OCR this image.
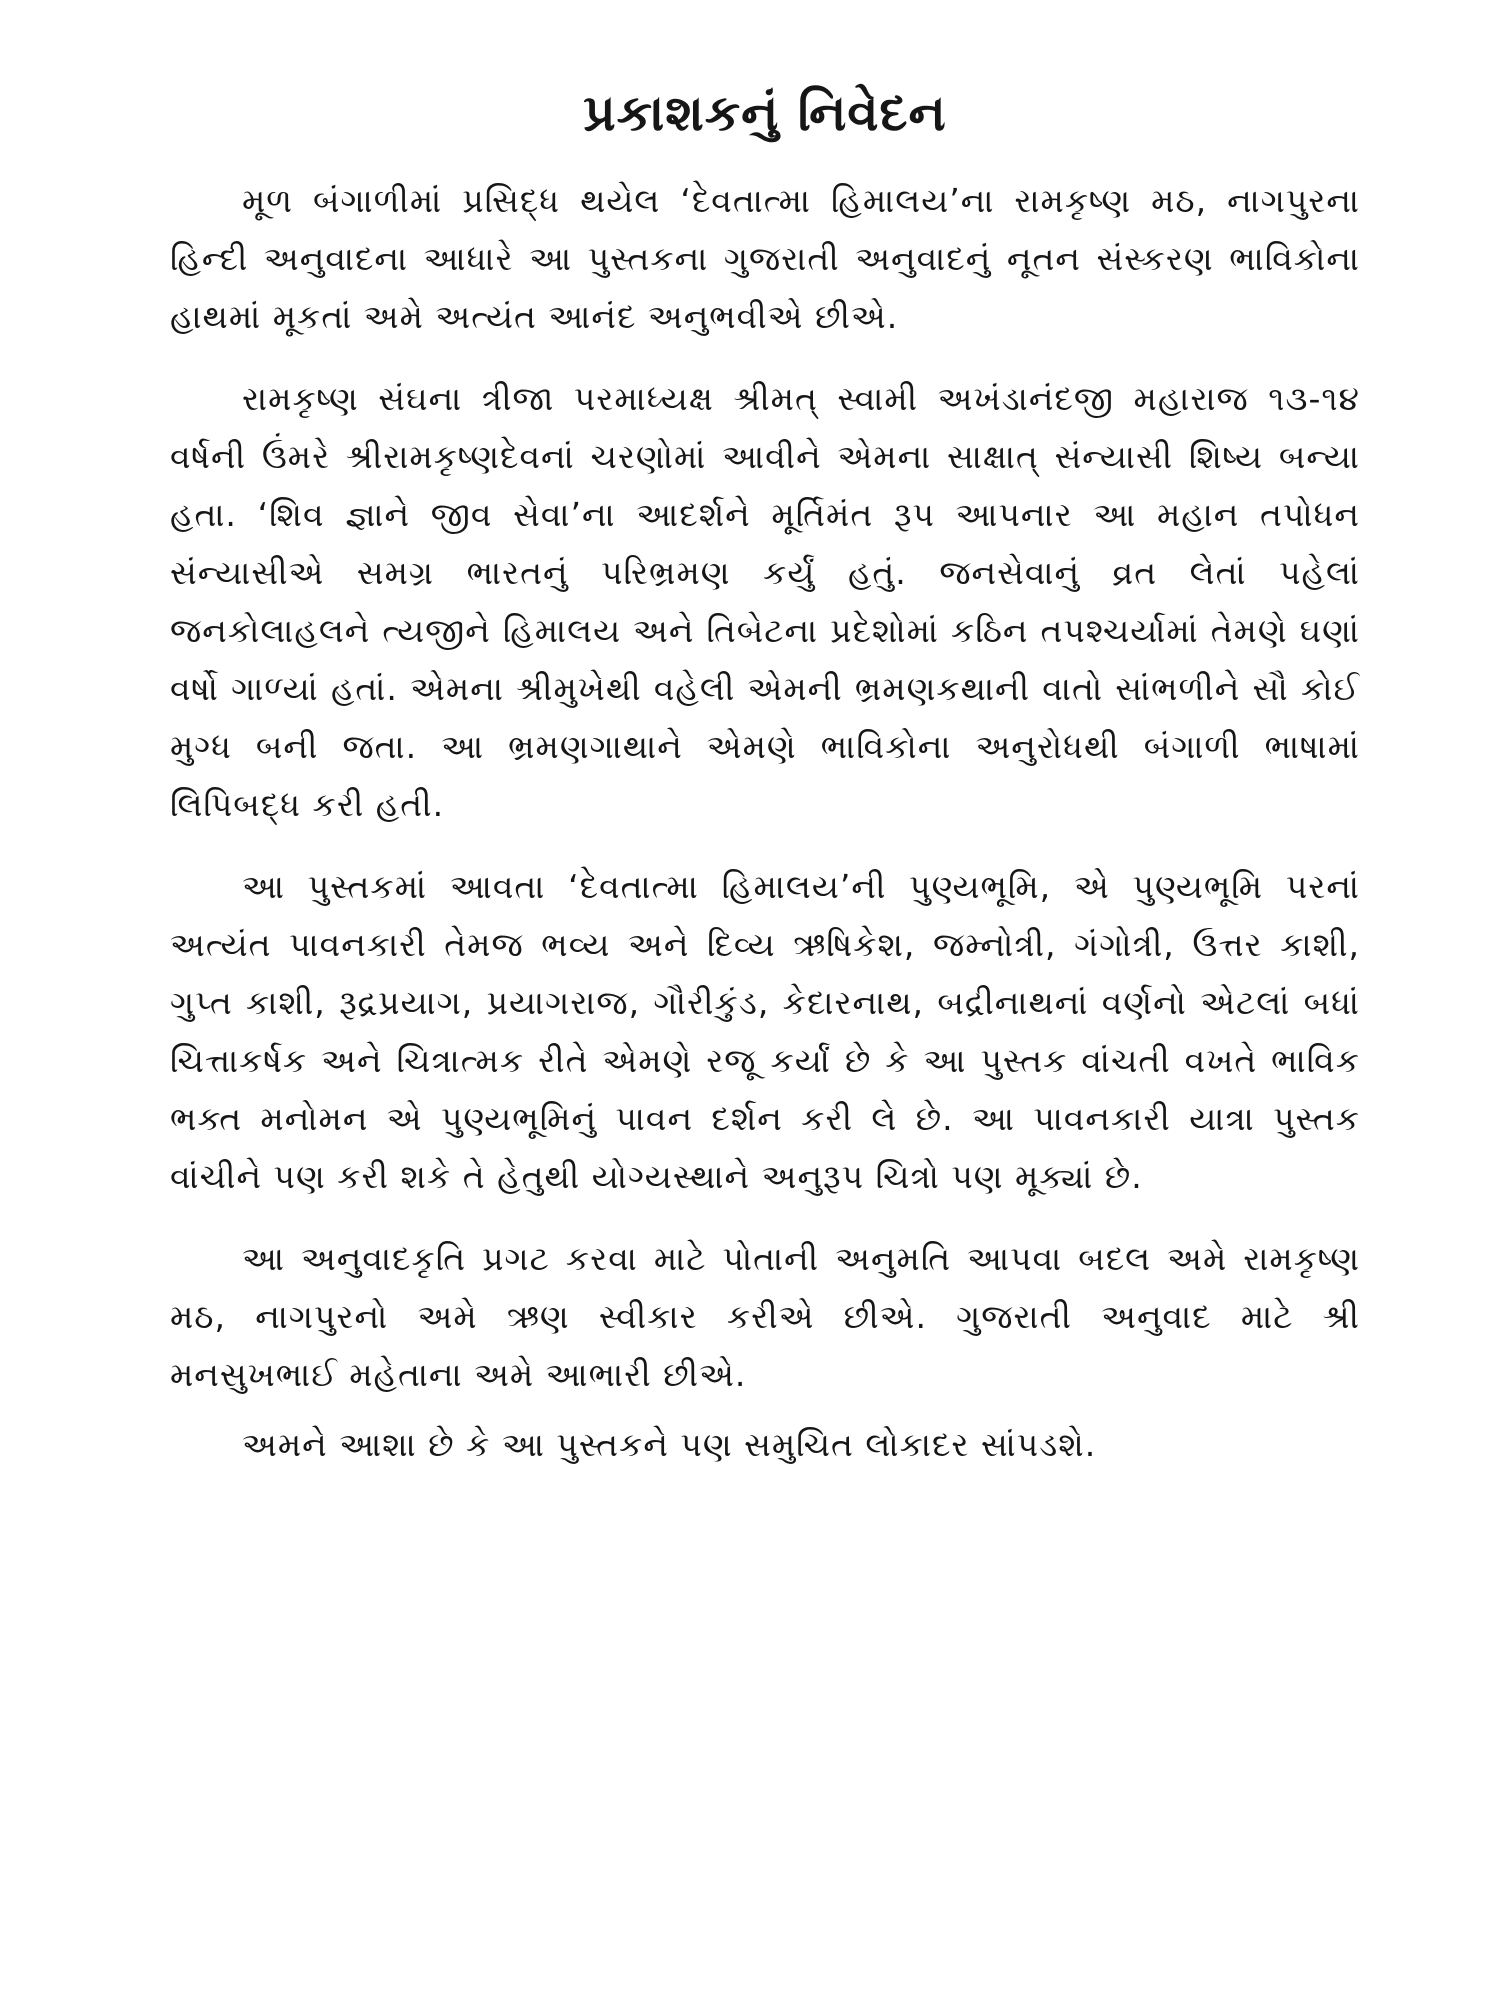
પ્રકાશકનું નિવેદન

મૂળ બંગાળીમાં પ્રસિદ્ધ થયેલ ‘દેવતાત્મા હિમાલય’ના રામકૃષ્ણ મઠ, નાગપુરના હિન્દી અનુવાદના આધારે આ પુસ્તકના ગુજરાતી અનુવાદનું નૂતન સંસ્કરણ ભાવિકોના હાથમાં મૂકતાં અમે અત્યંત આનંદ અનુભવીએ છીએ.

રામકૃષ્ણ સંઘના ત્રીજા પરમાધ્યક્ષ શ્રીમત્ સ્વામી અખંડાનંદજી મહારાજ ૧૩-૧૪ વર્ષની ઉંમરે શ્રીરામકૃષ્ણદેવનાં ચરણોમાં આવીને એમના સાક્ષાત્ સંન્યાસી શિષ્ય બન્યા હતા. ‘શિવ જ્ઞાને જીવ સેવા’ના આદર્શને મૂર્તિમંત રૂપ આપનાર આ મહાન તપોધન સંન્યાસીએ સમગ્ર ભારતનું પરિભ્રમણ કર્યું હતું. જનસેવાનું વ્રત લેતાં પહેલાં જનકોલાહલને ત્યજીને હિમાલય અને તિબેટના પ્રદેશોમાં કઠિન તપશ્ચર્યામાં તેમણે ઘણાં વર્ષો ગાળ્યાં હતાં. એમના શ્રીમુખેથી વહેલી એમની ભ્રમણકથાની વાતો સાંભળીને સૌ કોઈ મુગ્ધ બની જતા. આ ભ્રમણગાથાને એમણે ભાવિકોના અનુરોધથી બંગાળી ભાષામાં લિપિબદ્ધ કરી હતી.

આ પુસ્તકમાં આવતા ‘દેવતાત્મા હિમાલય’ની પુણ્યભૂમિ, એ પુણ્યભૂમિ પરનાં અત્યંત પાવનકારી તેમજ ભવ્ય અને દિવ્ય ઋષિકેશ, જમ્નોત્રી, ગંગોત્રી, ઉત્તર કાશી, ગુપ્ત કાશી, રૂદ્રપ્રયાગ, પ્રયાગરાજ, ગૌરીકુંડ, કેદારનાથ, બદ્રીનાથનાં વર્ણનો એટલાં બધાં ચિત્તાકર્ષક અને ચિત્રાત્મક રીતે એમણે રજૂ કર્યાં છે કે આ પુસ્તક વાંચતી વખતે ભાવિક ભક્ત મનોમન એ પુણ્યભૂમિનું પાવન દર્શન કરી લે છે. આ પાવનકારી યાત્રા પુસ્તક વાંચીને પણ કરી શકે તે હેતુથી યોગ્યસ્થાને અનુરૂપ ચિત્રો પણ મૂક્યાં છે.

આ અનુવાદકૃતિ પ્રગટ કરવા માટે પોતાની અનુમતિ આપવા બદલ અમે રામકૃષ્ણ મઠ, નાગપુરનો અમે ઋણ સ્વીકાર કરીએ છીએ. ગુજરાતી અનુવાદ માટે શ્રી મનસુખભાઈ મહેતાના અમે આભારી છીએ.

અમને આશા છે કે આ પુસ્તકને પણ સમુચિત લોકાદર સાંપડશે.
